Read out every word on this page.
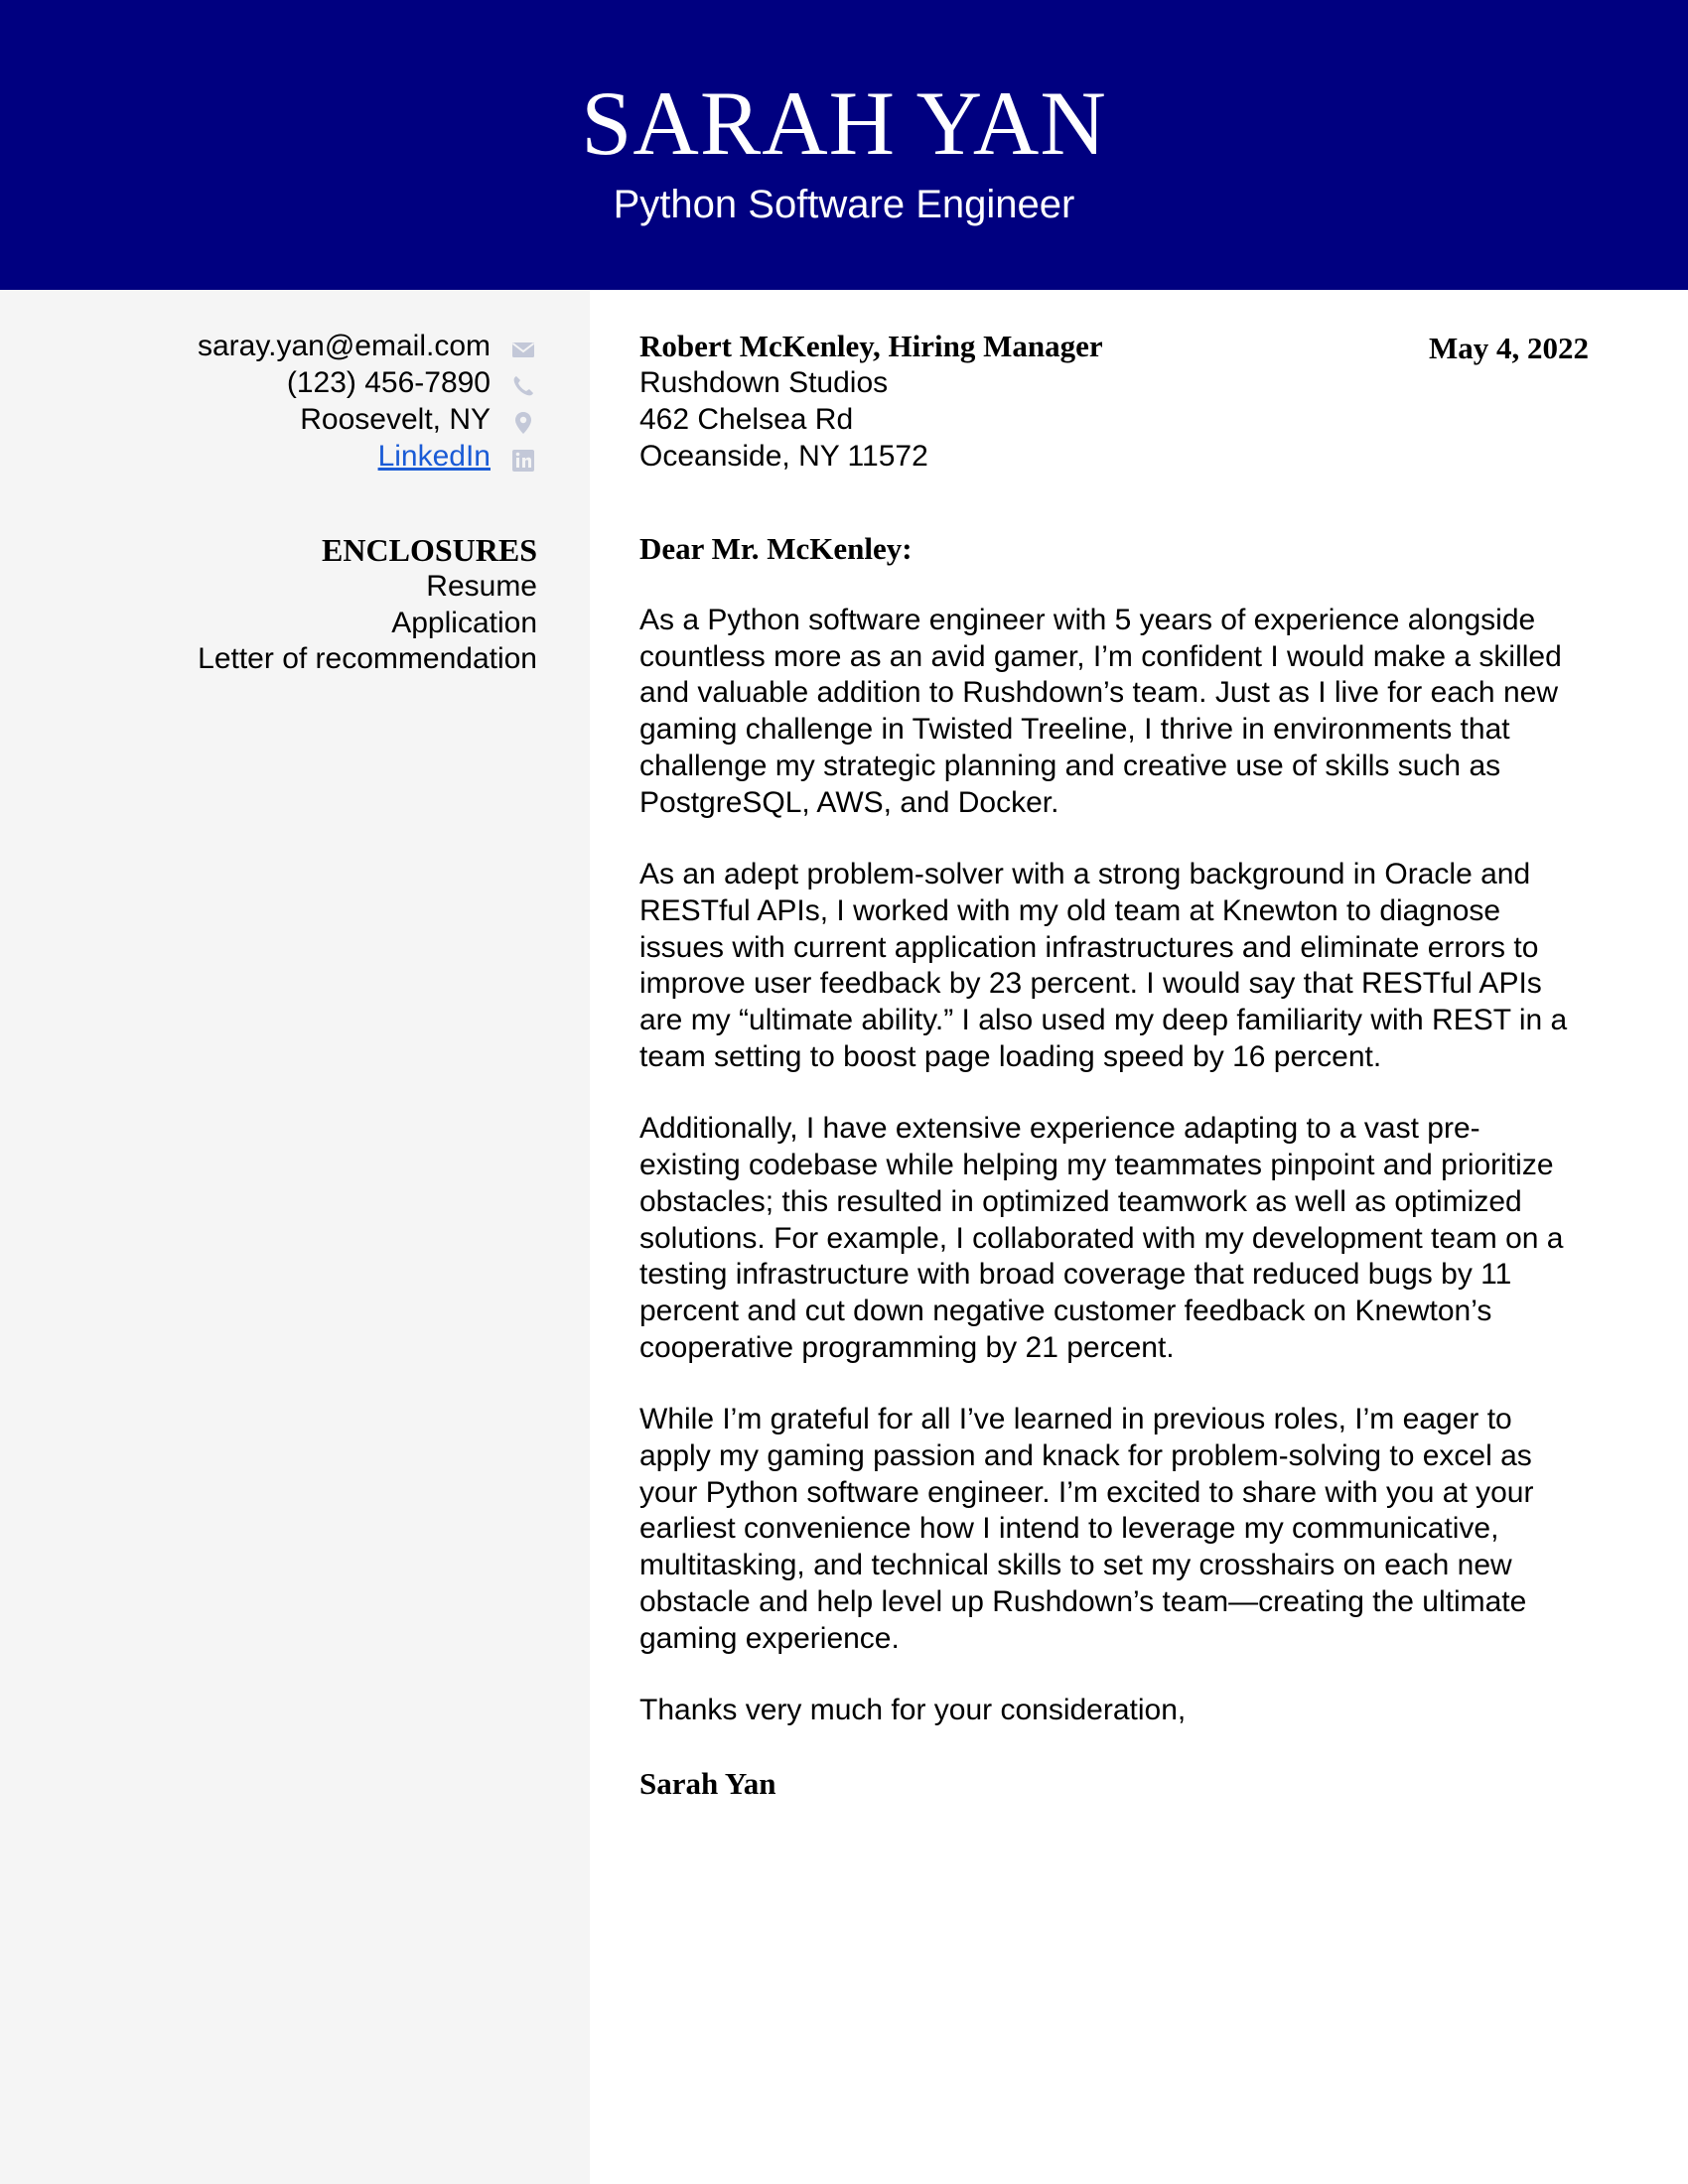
SARAH YAN
Python Software Engineer
saray.yan@email.com
(123) 456-7890
Roosevelt, NY
LinkedIn
ENCLOSURES
Resume
Application
Letter of recommendation
Robert McKenley, Hiring Manager
Rushdown Studios
462 Chelsea Rd
Oceanside, NY 11572
May 4, 2022
Dear Mr. McKenley:
As a Python software engineer with 5 years of experience alongside
countless more as an avid gamer, I’m confident I would make a skilled
and valuable addition to Rushdown’s team. Just as I live for each new
gaming challenge in Twisted Treeline, I thrive in environments that
challenge my strategic planning and creative use of skills such as
PostgreSQL, AWS, and Docker.
As an adept problem-solver with a strong background in Oracle and
RESTful APIs, I worked with my old team at Knewton to diagnose
issues with current application infrastructures and eliminate errors to
improve user feedback by 23 percent. I would say that RESTful APIs
are my “ultimate ability.” I also used my deep familiarity with REST in a
team setting to boost page loading speed by 16 percent.
Additionally, I have extensive experience adapting to a vast pre-
existing codebase while helping my teammates pinpoint and prioritize
obstacles; this resulted in optimized teamwork as well as optimized
solutions. For example, I collaborated with my development team on a
testing infrastructure with broad coverage that reduced bugs by 11
percent and cut down negative customer feedback on Knewton’s
cooperative programming by 21 percent.
While I’m grateful for all I’ve learned in previous roles, I’m eager to
apply my gaming passion and knack for problem-solving to excel as
your Python software engineer. I’m excited to share with you at your
earliest convenience how I intend to leverage my communicative,
multitasking, and technical skills to set my crosshairs on each new
obstacle and help level up Rushdown’s team—creating the ultimate
gaming experience.
Thanks very much for your consideration,
Sarah Yan
